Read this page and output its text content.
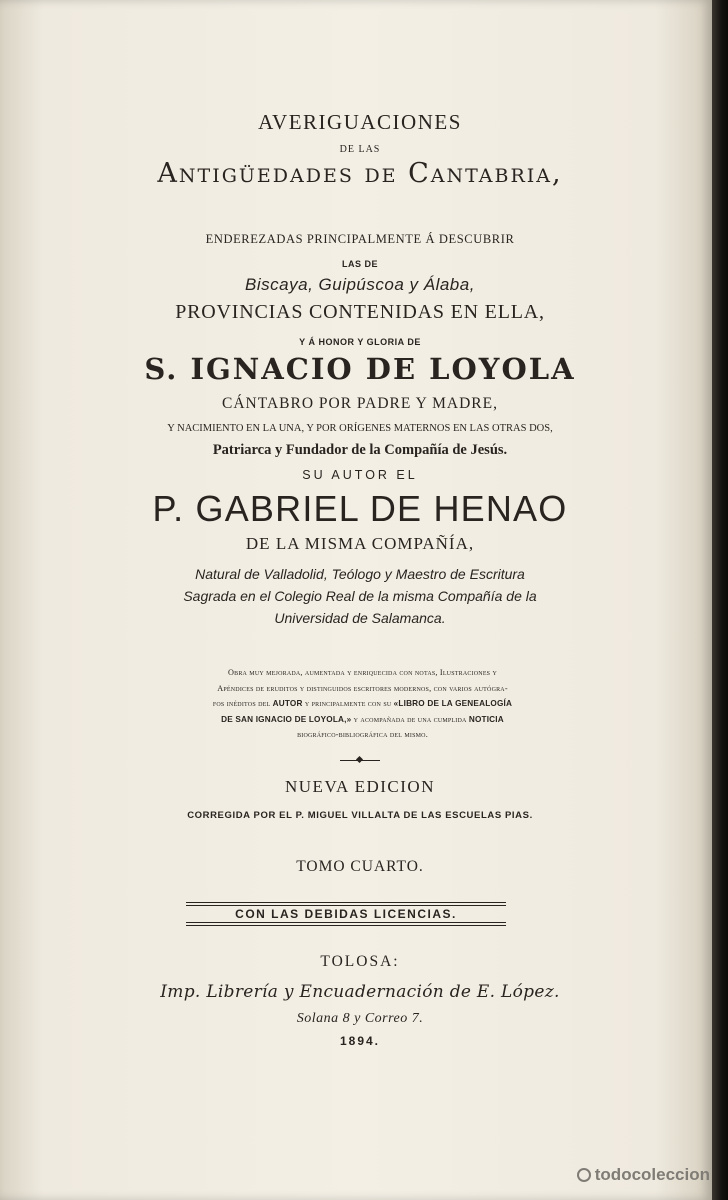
AVERIGUACIONES
DE LAS
Antigüedades de Cantabria,
ENDEREZADAS PRINCIPALMENTE Á DESCUBRIR
LAS DE
Biscaya, Guipúscoa y Álaba,
PROVINCIAS CONTENIDAS EN ELLA,
Y Á HONOR Y GLORIA DE
S. IGNACIO DE LOYOLA
CÁNTABRO POR PADRE Y MADRE,
Y NACIMIENTO EN LA UNA, Y POR ORÍGENES MATERNOS EN LAS OTRAS DOS,
Patriarca y Fundador de la Compañía de Jesús.
SU AUTOR EL
P. GABRIEL DE HENAO
DE LA MISMA COMPAÑÍA,
Natural de Valladolid, Teólogo y Maestro de Escritura
Sagrada en el Colegio Real de la misma Compañía de la
Universidad de Salamanca.
Obra muy mejorada, aumentada y enriquecida con notas, Ilustraciones y
Apéndices de eruditos y distinguidos escritores modernos, con varios autógra-
fos inéditos del AUTOR y principalmente con su «LIBRO DE LA GENEALOGÍA
DE SAN IGNACIO DE LOYOLA,» y acompañada de una cumplida NOTICIA
biográfico-bibliográfica del mismo.
NUEVA EDICION
CORREGIDA POR EL P. MIGUEL VILLALTA DE LAS ESCUELAS PIAS.
TOMO CUARTO.
CON LAS DEBIDAS LICENCIAS.
TOLOSA:
Imp. Librería y Encuadernación de E. López.
Solana 8 y Correo 7.
1894.
todocoleccion
